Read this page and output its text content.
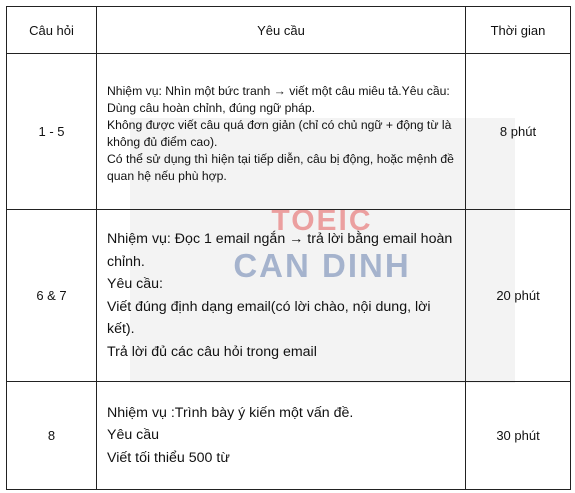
TOEIC
CAN DINH
Câu hỏi	Yêu cầu	Thời gian
1 - 5	Nhiệm vụ: Nhìn một bức tranh → viết một câu miêu tả.Yêu cầu:

Dùng câu hoàn chỉnh, đúng ngữ pháp.

Không được viết câu quá đơn giản (chỉ có chủ ngữ + động từ là không đủ điểm cao).

Có thể sử dụng thì hiện tại tiếp diễn, câu bị động, hoặc mệnh đề quan hệ nếu phù hợp.	8 phút
6 & 7	Nhiệm vụ: Đọc 1 email ngắn → trả lời bằng email hoàn chỉnh.

Yêu cầu:

Viết đúng định dạng email(có lời chào, nội dung, lời kết).

Trả lời đủ các câu hỏi trong email	20 phút
8	Nhiệm vụ :Trình bày ý kiến một vấn đề.

Yêu cầu

Viết tối thiểu 500 từ	30 phút
